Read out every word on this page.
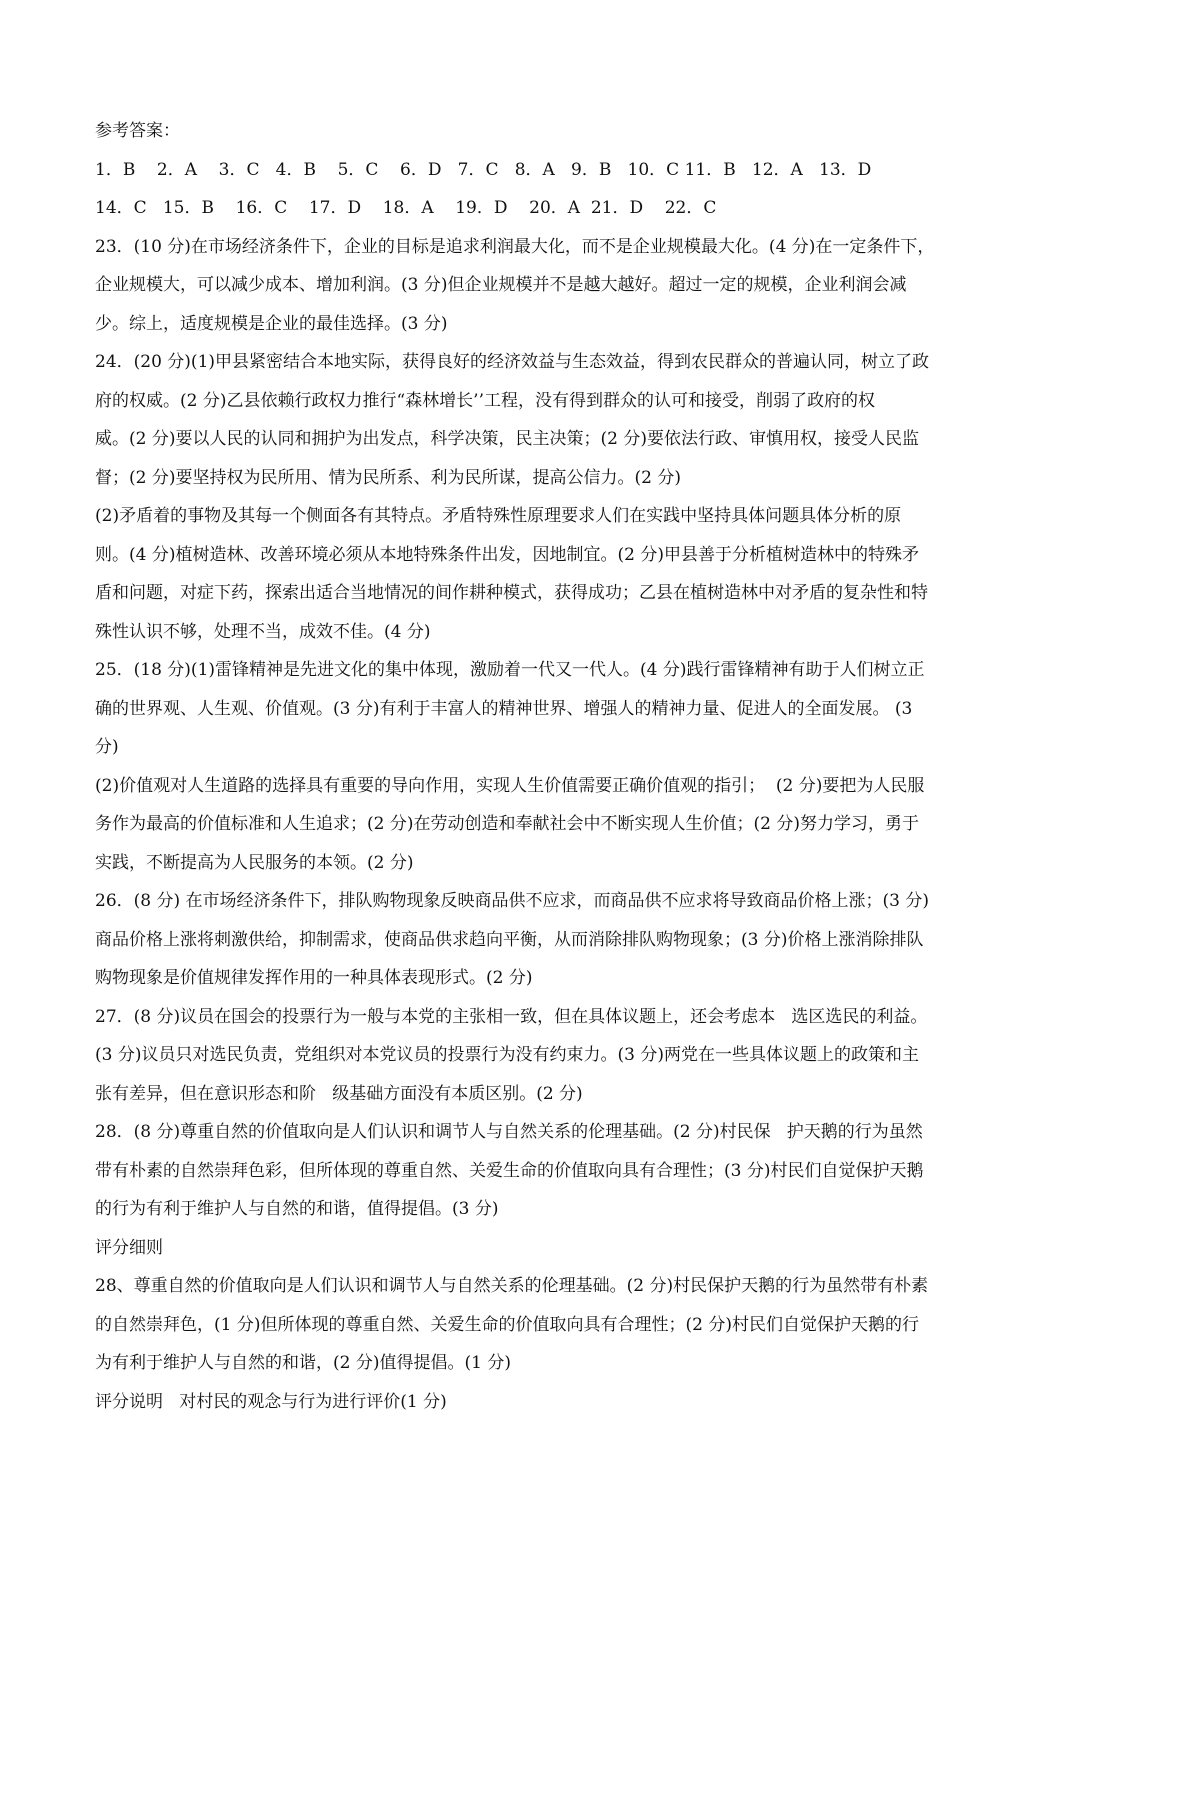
参考答案：
1．B    2．A    3．C   4．B    5．C    6．D   7．C   8．A   9．B   10．C 11．B   12．A   13．D
14．C   15．B    16．C    17．D    18．A    19．D    20．A  21．D    22．C
23．(10 分)在市场经济条件下，企业的目标是追求利润最大化，而不是企业规模最大化。(4 分)在一定条件下，
企业规模大，可以减少成本、增加利润。(3 分)但企业规模并不是越大越好。超过一定的规模，企业利润会减
少。综上，适度规模是企业的最佳选择。(3 分)
24．(20 分)(1)甲县紧密结合本地实际，获得良好的经济效益与生态效益，得到农民群众的普遍认同，树立了政
府的权威。(2 分)乙县依赖行政权力推行“森林增长’’工程，没有得到群众的认可和接受，削弱了政府的权
威。(2 分)要以人民的认同和拥护为出发点，科学决策，民主决策；(2 分)要依法行政、审慎用权，接受人民监
督；(2 分)要坚持权为民所用、情为民所系、利为民所谋，提高公信力。(2 分)
(2)矛盾着的事物及其每一个侧面各有其特点。矛盾特殊性原理要求人们在实践中坚持具体问题具体分析的原
则。(4 分)植树造林、改善环境必须从本地特殊条件出发，因地制宜。(2 分)甲县善于分析植树造林中的特殊矛
盾和问题，对症下药，探索出适合当地情况的间作耕种模式，获得成功；乙县在植树造林中对矛盾的复杂性和特
殊性认识不够，处理不当，成效不佳。(4 分)
25．(18 分)(1)雷锋精神是先进文化的集中体现，激励着一代又一代人。(4 分)践行雷锋精神有助于人们树立正
确的世界观、人生观、价值观。(3 分)有利于丰富人的精神世界、增强人的精神力量、促进人的全面发展。 (3
分)
(2)价值观对人生道路的选择具有重要的导向作用，实现人生价值需要正确价值观的指引；  (2 分)要把为人民服
务作为最高的价值标准和人生追求；(2 分)在劳动创造和奉献社会中不断实现人生价值；(2 分)努力学习，勇于
实践，不断提高为人民服务的本领。(2 分)
26．(8 分) 在市场经济条件下，排队购物现象反映商品供不应求，而商品供不应求将导致商品价格上涨；(3 分)
商品价格上涨将刺激供给，抑制需求，使商品供求趋向平衡，从而消除排队购物现象；(3 分)价格上涨消除排队
购物现象是价值规律发挥作用的一种具体表现形式。(2 分)
27．(8 分)议员在国会的投票行为一般与本党的主张相一致，但在具体议题上，还会考虑本   选区选民的利益。
(3 分)议员只对选民负责，党组织对本党议员的投票行为没有约束力。(3 分)两党在一些具体议题上的政策和主
张有差异，但在意识形态和阶   级基础方面没有本质区别。(2 分)
28．(8 分)尊重自然的价值取向是人们认识和调节人与自然关系的伦理基础。(2 分)村民保   护天鹅的行为虽然
带有朴素的自然崇拜色彩，但所体现的尊重自然、关爱生命的价值取向具有合理性；(3 分)村民们自觉保护天鹅
的行为有利于维护人与自然的和谐，值得提倡。(3 分)
评分细则
28、尊重自然的价值取向是人们认识和调节人与自然关系的伦理基础。(2 分)村民保护天鹅的行为虽然带有朴素
的自然崇拜色，(1 分)但所体现的尊重自然、关爱生命的价值取向具有合理性；(2 分)村民们自觉保护天鹅的行
为有利于维护人与自然的和谐，(2 分)值得提倡。(1 分)
评分说明   对村民的观念与行为进行评价(1 分)
